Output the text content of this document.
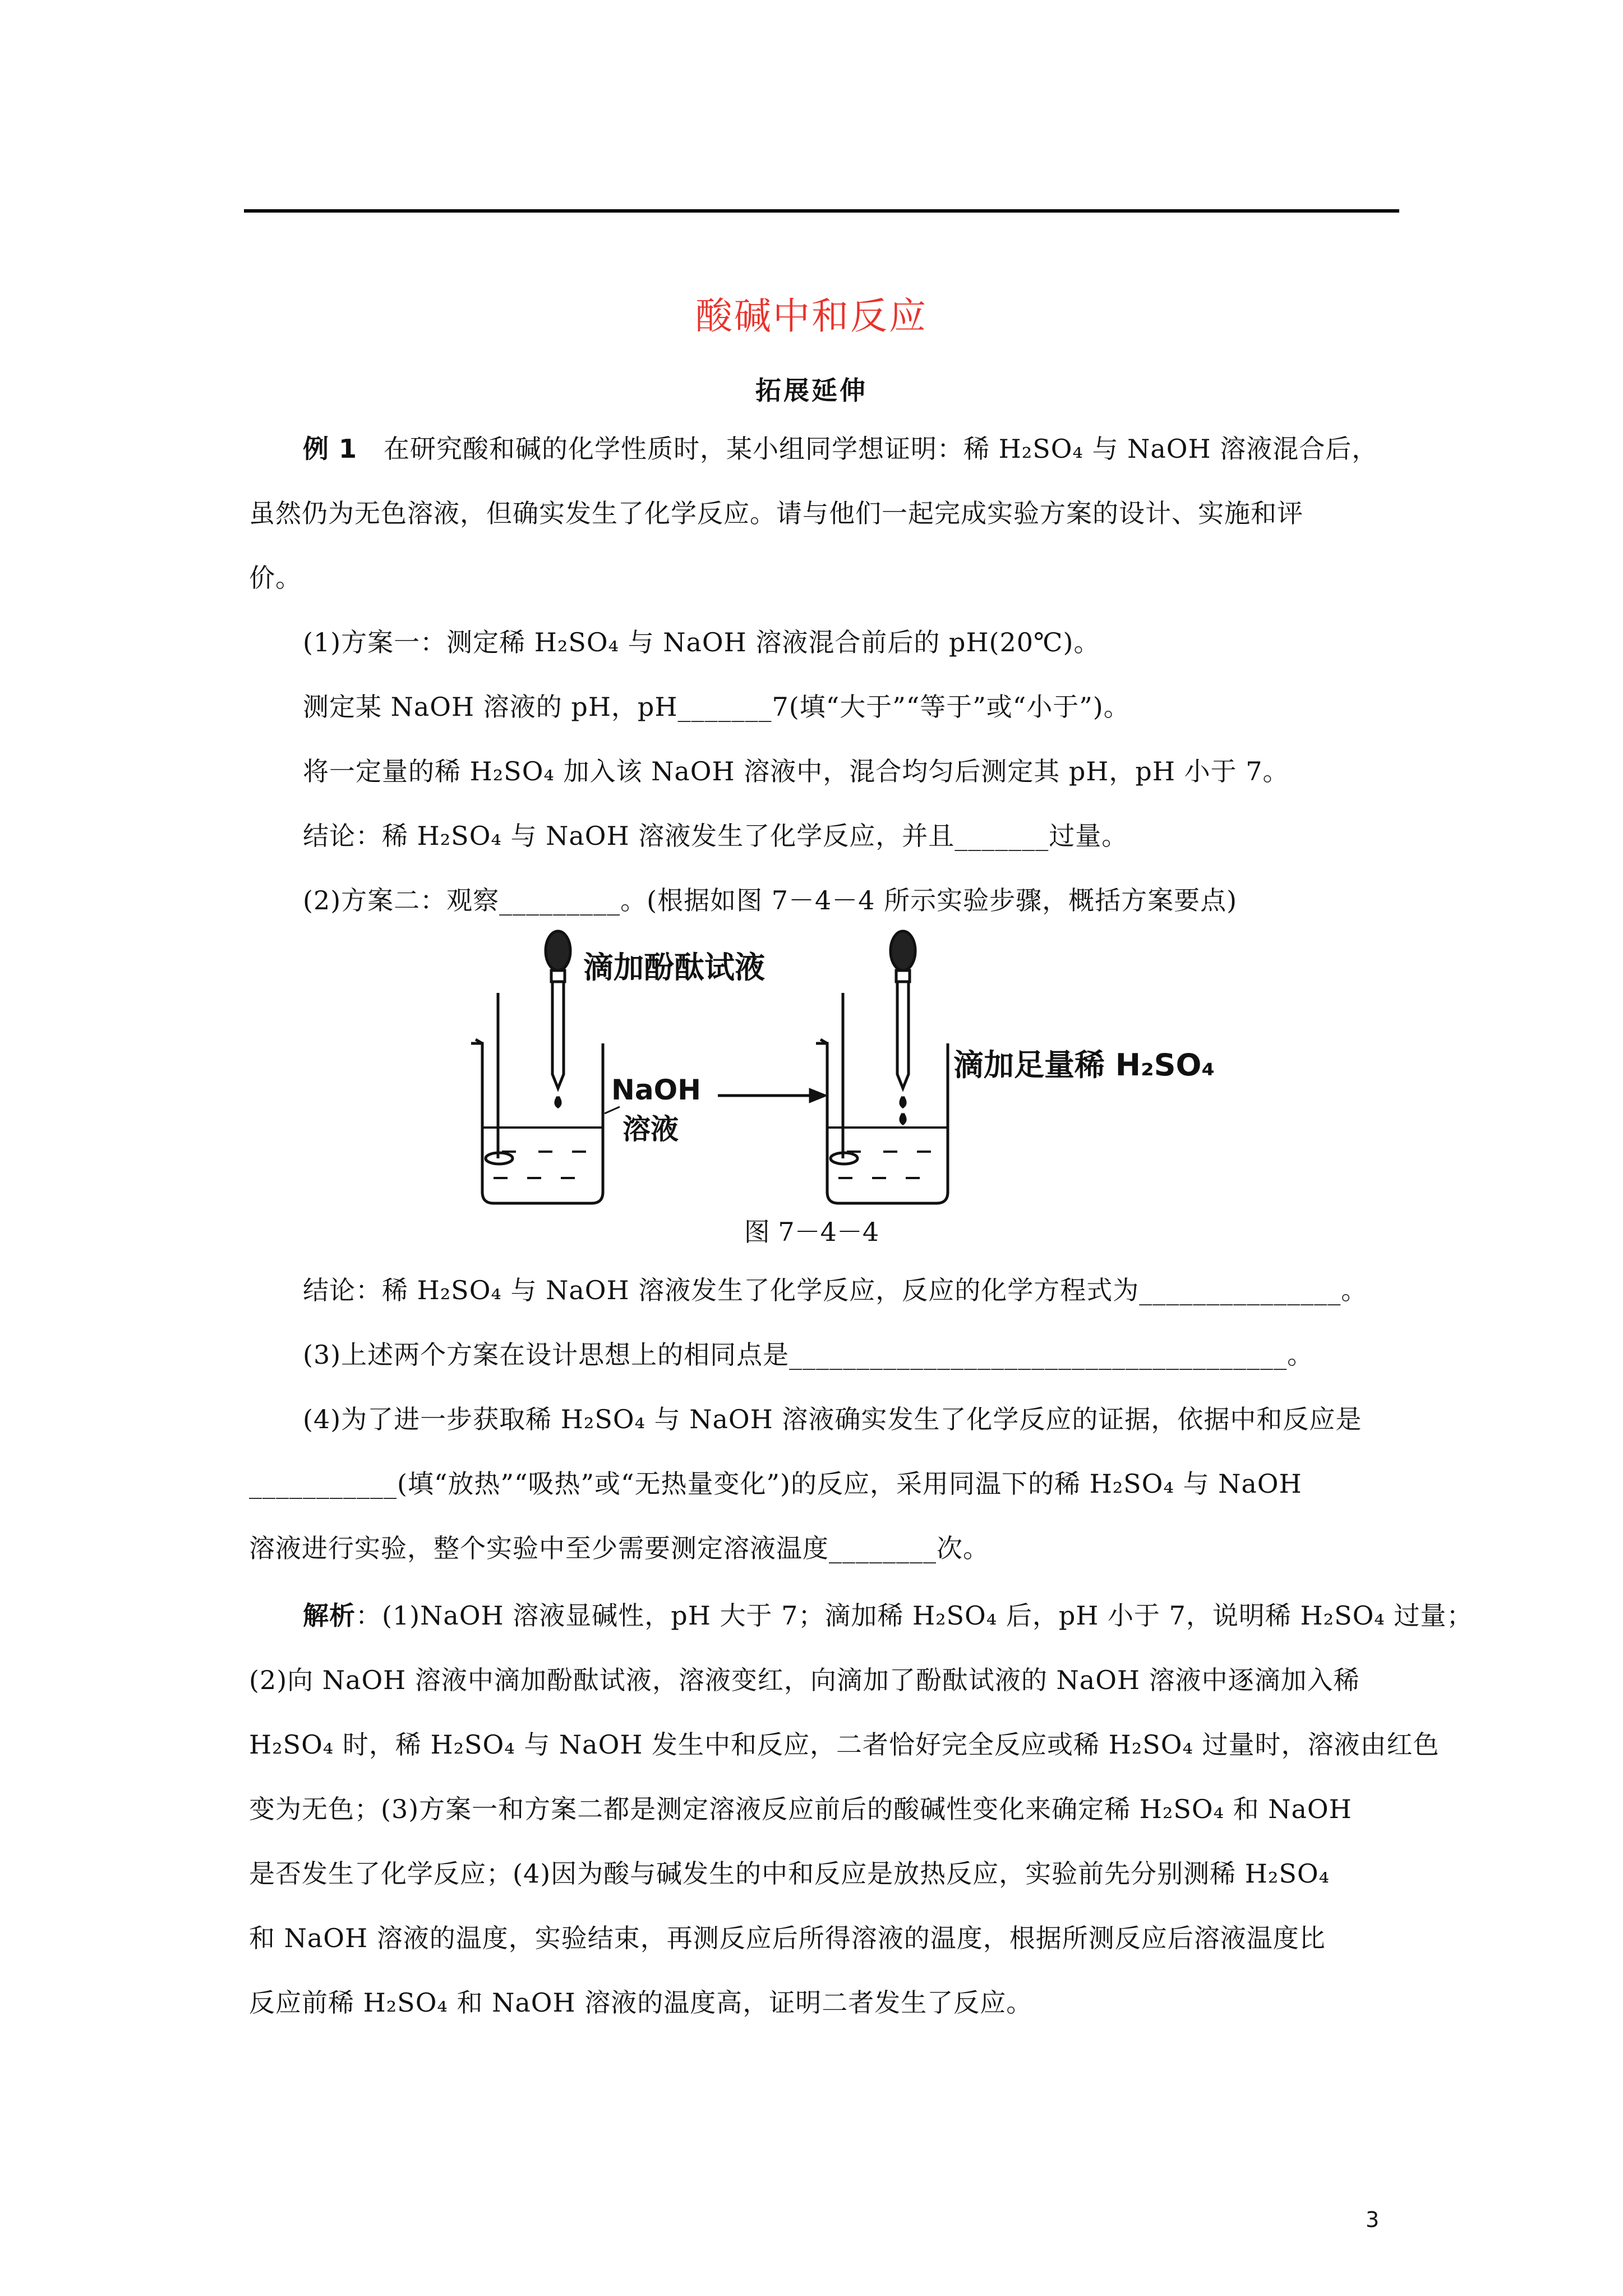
酸碱中和反应
拓展延伸
例 1　在研究酸和碱的化学性质时，某小组同学想证明：稀 H₂SO₄ 与 NaOH 溶液混合后，
虽然仍为无色溶液，但确实发生了化学反应。请与他们一起完成实验方案的设计、实施和评
价。
(1)方案一：测定稀 H₂SO₄ 与 NaOH 溶液混合前后的 pH(20℃)。
测定某 NaOH 溶液的 pH，pH_______7(填“大于”“等于”或“小于”)。
将一定量的稀 H₂SO₄ 加入该 NaOH 溶液中，混合均匀后测定其 pH，pH 小于 7。
结论：稀 H₂SO₄ 与 NaOH 溶液发生了化学反应，并且_______过量。
(2)方案二：观察_________。(根据如图 7－4－4 所示实验步骤，概括方案要点)
滴加酚酞试液
NaOH
溶液
滴加足量稀 H₂SO₄
图 7－4－4
结论：稀 H₂SO₄ 与 NaOH 溶液发生了化学反应，反应的化学方程式为_______________。
(3)上述两个方案在设计思想上的相同点是_____________________________________。
(4)为了进一步获取稀 H₂SO₄ 与 NaOH 溶液确实发生了化学反应的证据，依据中和反应是
___________(填“放热”“吸热”或“无热量变化”)的反应，采用同温下的稀 H₂SO₄ 与 NaOH
溶液进行实验，整个实验中至少需要测定溶液温度________次。
解析：(1)NaOH 溶液显碱性，pH 大于 7；滴加稀 H₂SO₄ 后，pH 小于 7，说明稀 H₂SO₄ 过量；
(2)向 NaOH 溶液中滴加酚酞试液，溶液变红，向滴加了酚酞试液的 NaOH 溶液中逐滴加入稀
H₂SO₄ 时，稀 H₂SO₄ 与 NaOH 发生中和反应，二者恰好完全反应或稀 H₂SO₄ 过量时，溶液由红色
变为无色；(3)方案一和方案二都是测定溶液反应前后的酸碱性变化来确定稀 H₂SO₄ 和 NaOH
是否发生了化学反应；(4)因为酸与碱发生的中和反应是放热反应，实验前先分别测稀 H₂SO₄
和 NaOH 溶液的温度，实验结束，再测反应后所得溶液的温度，根据所测反应后溶液温度比
反应前稀 H₂SO₄ 和 NaOH 溶液的温度高，证明二者发生了反应。
3
